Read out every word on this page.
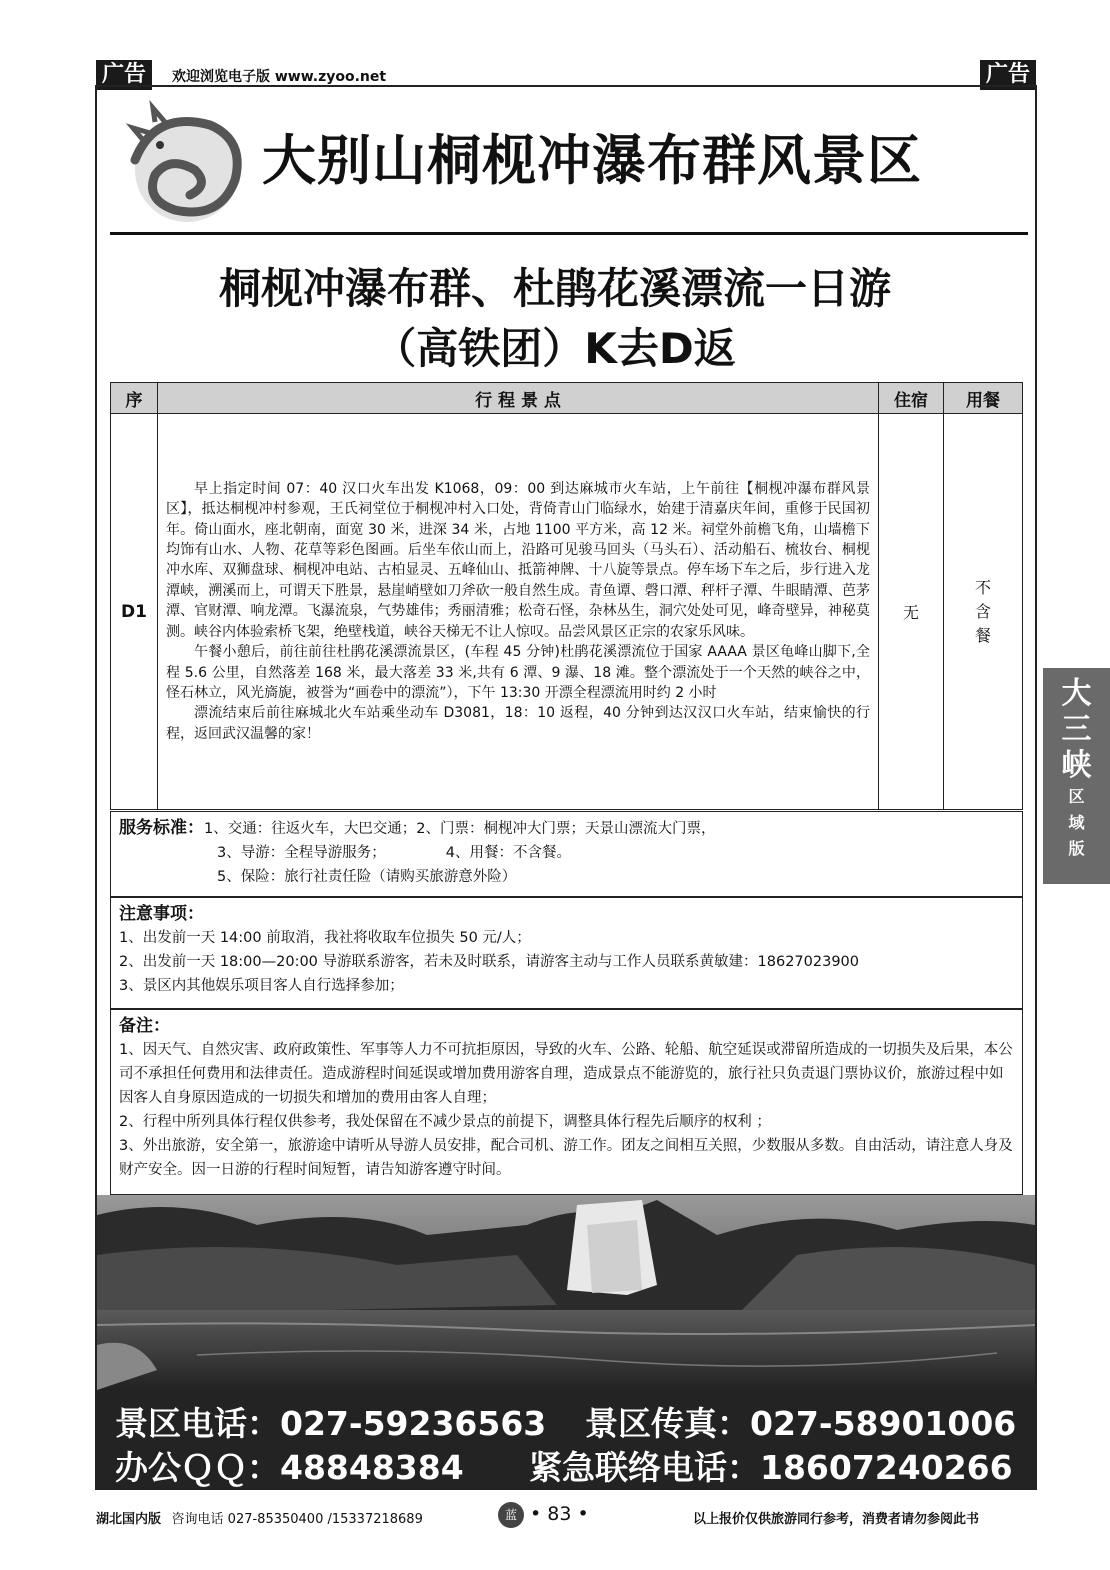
广告	欢迎浏览电子版 www.zyoo.net	广告
大别山桐枧冲瀑布群风景区
桐枧冲瀑布群、杜鹃花溪漂流一日游
（高铁团）K去D返
序	行 程 景 点	住宿	用餐
D1	早上指定时间 07：40 汉口火车出发 K1068，09：00 到达麻城市火车站，上午前往【桐枧冲瀑布群风景区】，抵达桐枧冲村参观，王氏祠堂位于桐枧冲村入口处，背倚青山门临绿水，始建于清嘉庆年间，重修于民国初年。倚山面水，座北朝南，面宽 30 米，进深 34 米，占地 1100 平方米，高 12 米。祠堂外前檐飞角，山墙檐下均饰有山水、人物、花草等彩色图画。后坐车依山而上，沿路可见骏马回头（马头石）、活动船石、梳妆台、桐枧冲水库、双狮盘球、桐枧冲电站、古柏显灵、五峰仙山、抵箭神牌、十八旋等景点。停车场下车之后，步行进入龙潭峡，溯溪而上，可谓天下胜景，悬崖峭壁如刀斧砍一般自然生成。青鱼谭、磬口潭、秤杆子潭、牛眼睛潭、芭茅潭、官财潭、响龙潭。飞瀑流泉，气势雄伟；秀丽清雅；松奇石怪，杂林丛生，洞穴处处可见，峰奇壁异，神秘莫测。峡谷内体验索桥飞架，绝壁栈道，峡谷天梯无不让人惊叹。品尝风景区正宗的农家乐风味。

午餐小憩后，前往前往杜鹃花溪漂流景区，(车程 45 分钟)杜鹃花溪漂流位于国家 AAAA 景区龟峰山脚下,全程 5.6 公里，自然落差 168 米，最大落差 33 米,共有 6 潭、9 瀑、18 滩。整个漂流处于一个天然的峡谷之中，怪石林立，风光旖旎，被誉为“画卷中的漂流”），下午 13:30 开漂全程漂流用时约 2 小时

漂流结束后前往麻城北火车站乘坐动车 D3081，18：10 返程，40 分钟到达汉汉口火车站，结束愉快的行程，返回武汉温馨的家！	无	不含餐

服务标准：1、交通：往返火车，大巴交通；2、门票：桐枧冲大门票；天景山漂流大门票，

3、导游：全程导游服务；	4、用餐：不含餐。

5、保险：旅行社责任险（请购买旅游意外险）

注意事项：

1、出发前一天 14:00 前取消，我社将收取车位损失 50 元/人；

2、出发前一天 18:00—20:00 导游联系游客，若未及时联系，请游客主动与工作人员联系黄敏建：18627023900

3、景区内其他娱乐项目客人自行选择参加；

备注：

1、因天气、自然灾害、政府政策性、军事等人力不可抗拒原因，导致的火车、公路、轮船、航空延误或滞留所造成的一切损失及后果，本公司不承担任何费用和法律责任。造成游程时间延误或增加费用游客自理，造成景点不能游览的，旅行社只负责退门票协议价，旅游过程中如因客人自身原因造成的一切损失和增加的费用由客人自理；

2、行程中所列具体行程仅供参考，我处保留在不减少景点的前提下，调整具体行程先后顺序的权利 ；

3、外出旅游，安全第一，旅游途中请听从导游人员安排，配合司机、游工作。团友之间相互关照，少数服从多数。自由活动，请注意人身及财产安全。因一日游的行程时间短暂，请告知游客遵守时间。

景区电话：027-59236563 景区传真：027-58901006
办公ＱＱ：48848384 紧急联络电话：18607240266
大三峡
区
域
版
湖北国内版 咨询电话 027-85350400 /15337218689	蓝 • 83 •	以上报价仅供旅游同行参考，消费者请勿参阅此书
